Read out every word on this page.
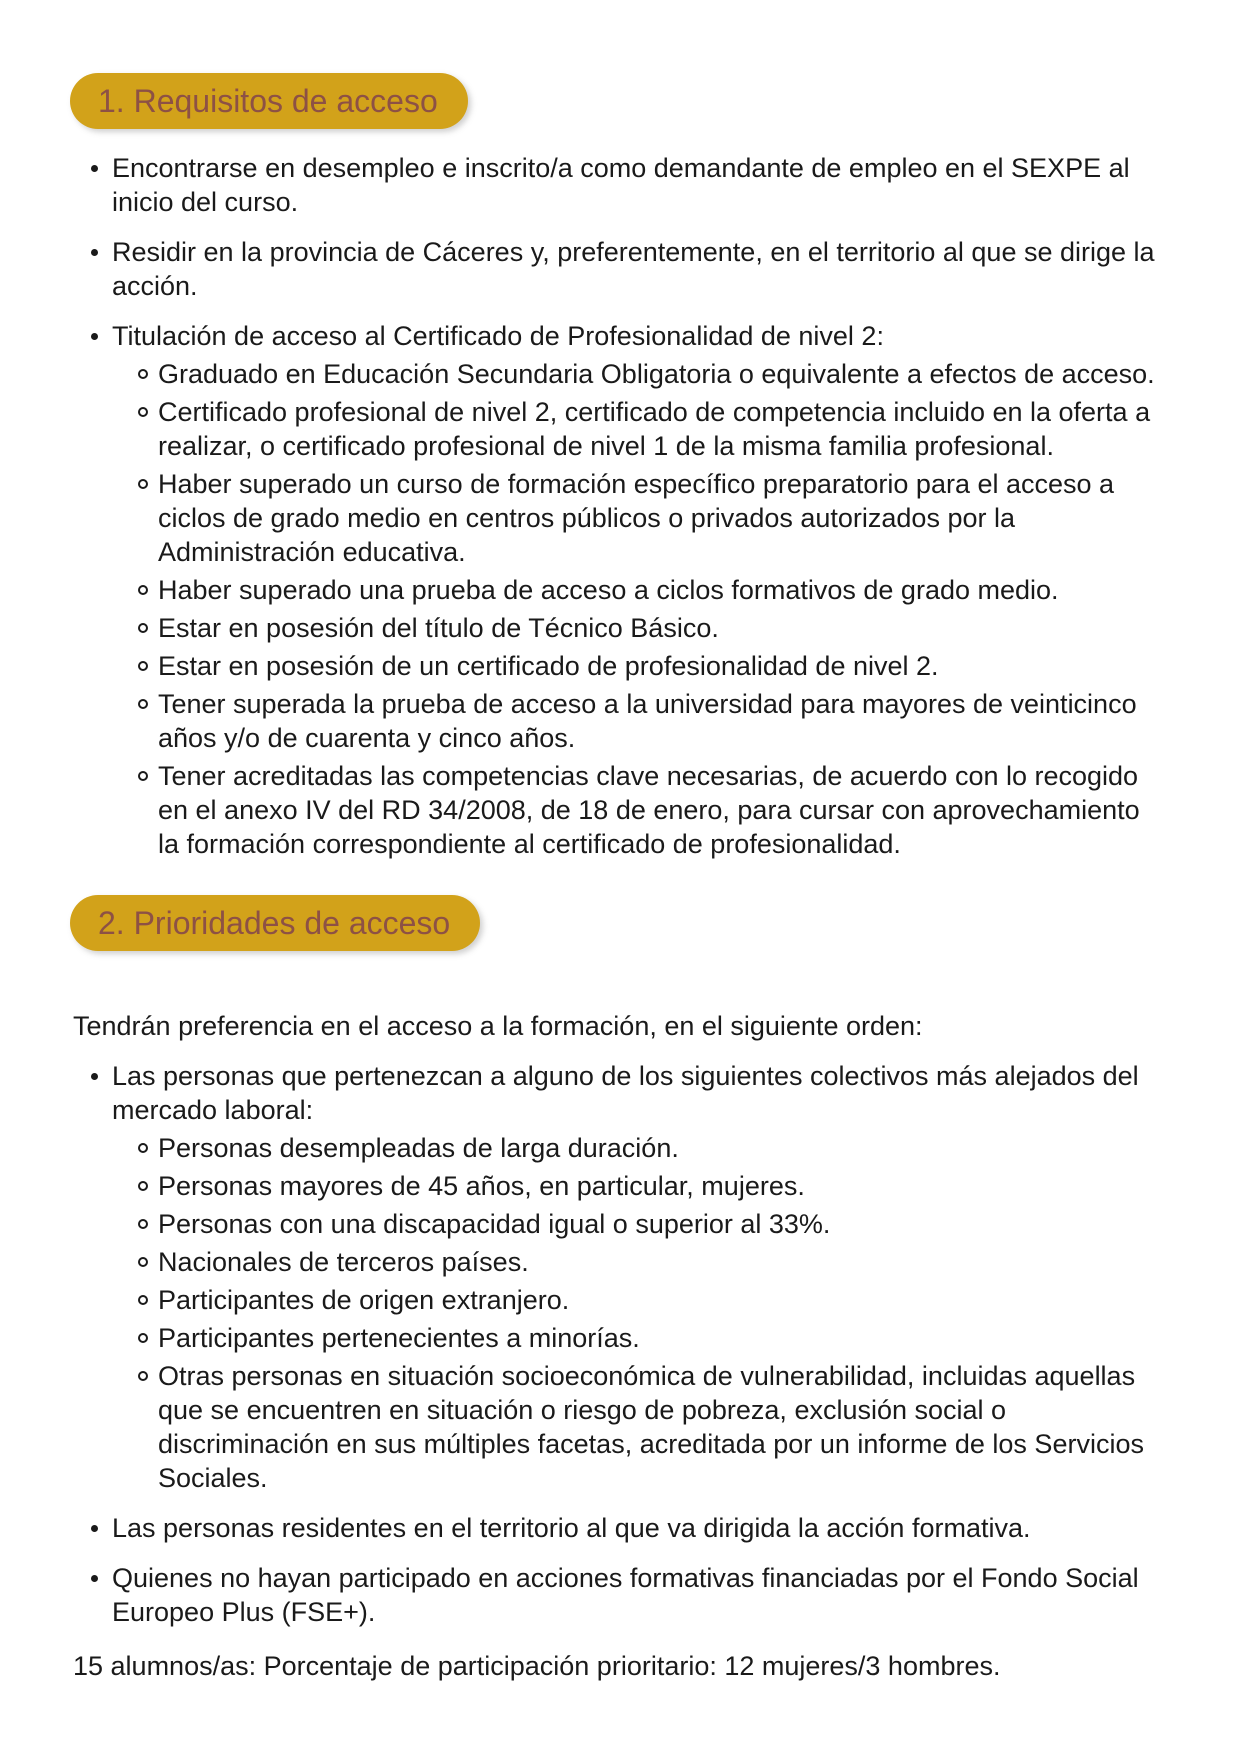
1. Requisitos de acceso
Encontrarse en desempleo e inscrito/a como demandante de empleo en el SEXPE al inicio del curso.
Residir en la provincia de Cáceres y, preferentemente, en el territorio al que se dirige la acción.
Titulación de acceso al Certificado de Profesionalidad de nivel 2:
Graduado en Educación Secundaria Obligatoria o equivalente a efectos de acceso.
Certificado profesional de nivel 2, certificado de competencia incluido en la oferta a realizar, o certificado profesional de nivel 1 de la misma familia profesional.
Haber superado un curso de formación específico preparatorio para el acceso a ciclos de grado medio en centros públicos o privados autorizados por la Administración educativa.
Haber superado una prueba de acceso a ciclos formativos de grado medio.
Estar en posesión del título de Técnico Básico.
Estar en posesión de un certificado de profesionalidad de nivel 2.
Tener superada la prueba de acceso a la universidad para mayores de veinticinco años y/o de cuarenta y cinco años.
Tener acreditadas las competencias clave necesarias, de acuerdo con lo recogido en el anexo IV del RD 34/2008, de 18 de enero, para cursar con aprovechamiento la formación correspondiente al certificado de profesionalidad.
2. Prioridades de acceso

Tendrán preferencia en el acceso a la formación, en el siguiente orden:

Las personas que pertenezcan a alguno de los siguientes colectivos más alejados del mercado laboral:
Personas desempleadas de larga duración.
Personas mayores de 45 años, en particular, mujeres.
Personas con una discapacidad igual o superior al 33%.
Nacionales de terceros países.
Participantes de origen extranjero.
Participantes pertenecientes a minorías.
Otras personas en situación socioeconómica de vulnerabilidad, incluidas aquellas que se encuentren en situación o riesgo de pobreza, exclusión social o discriminación en sus múltiples facetas, acreditada por un informe de los Servicios Sociales.
Las personas residentes en el territorio al que va dirigida la acción formativa.
Quienes no hayan participado en acciones formativas financiadas por el Fondo Social Europeo Plus (FSE+).

15 alumnos/as: Porcentaje de participación prioritario: 12 mujeres/3 hombres.
